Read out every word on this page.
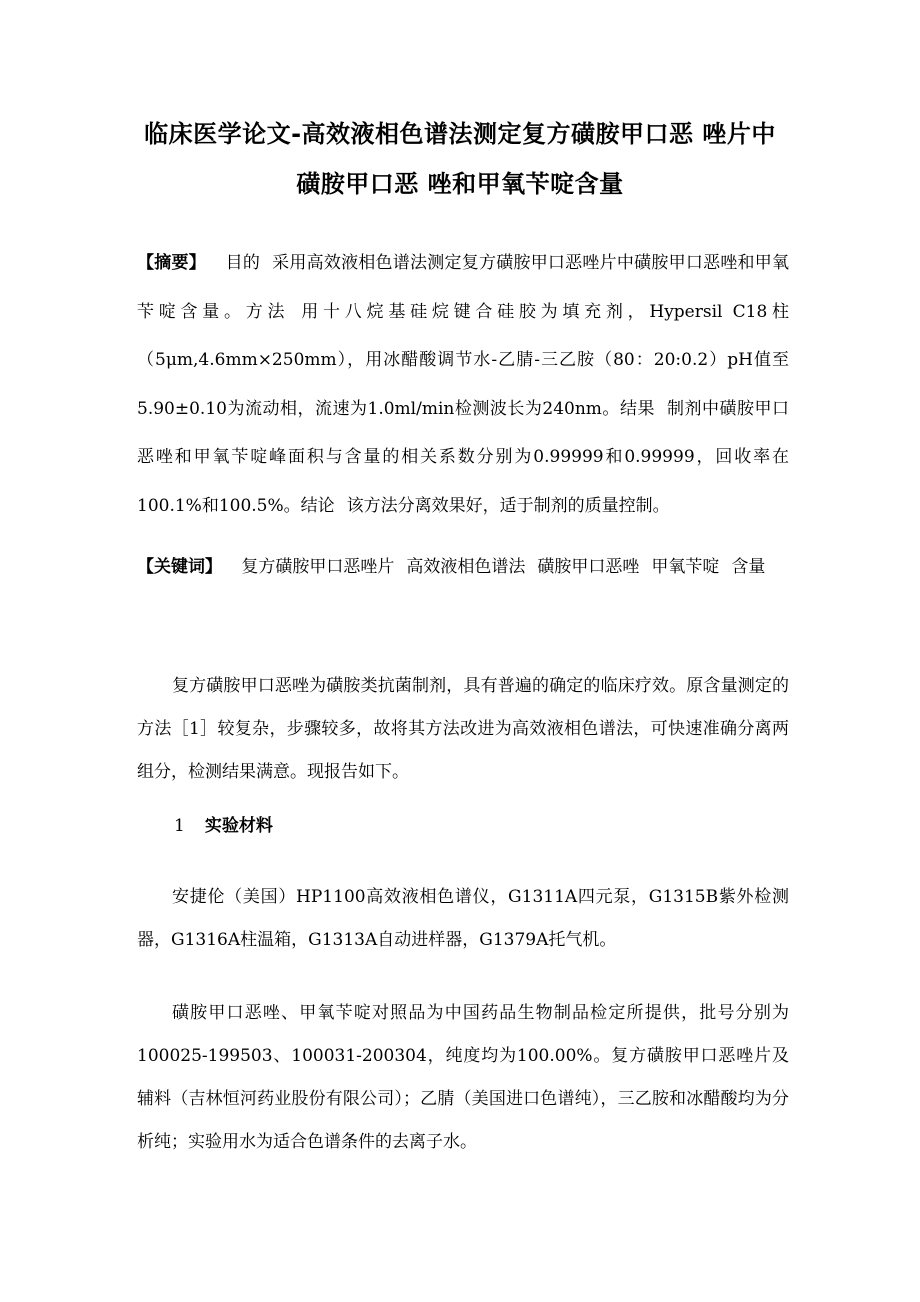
临床医学论文-高效液相色谱法测定复方磺胺甲口恶 唑片中
磺胺甲口恶 唑和甲氧苄啶含量
【摘要】 目的 采用高效液相色谱法测定复方磺胺甲口恶唑片中磺胺甲口恶唑和甲氧苄啶含量。方法 用十八烷基硅烷键合硅胶为填充剂，Hypersil C18柱（5μm,4.6mm×250mm），用冰醋酸调节水-乙腈-三乙胺（80：20:0.2）pH值至5.90±0.10为流动相，流速为1.0ml/min检测波长为240nm。结果 制剂中磺胺甲口恶唑和甲氧苄啶峰面积与含量的相关系数分别为0.99999和0.99999，回收率在100.1%和100.5%。结论 该方法分离效果好，适于制剂的质量控制。
【关键词】 复方磺胺甲口恶唑片 高效液相色谱法 磺胺甲口恶唑 甲氧苄啶 含量
复方磺胺甲口恶唑为磺胺类抗菌制剂，具有普遍的确定的临床疗效。原含量测定的方法［1］较复杂，步骤较多，故将其方法改进为高效液相色谱法，可快速准确分离两组分，检测结果满意。现报告如下。
1 实验材料
安捷伦（美国）HP1100高效液相色谱仪，G1311A四元泵，G1315B紫外检测器，G1316A柱温箱，G1313A自动进样器，G1379A托气机。
磺胺甲口恶唑、甲氧苄啶对照品为中国药品生物制品检定所提供，批号分别为100025-199503、100031-200304，纯度均为100.00%。复方磺胺甲口恶唑片及辅料（吉林恒河药业股份有限公司）；乙腈（美国进口色谱纯），三乙胺和冰醋酸均为分析纯；实验用水为适合色谱条件的去离子水。
